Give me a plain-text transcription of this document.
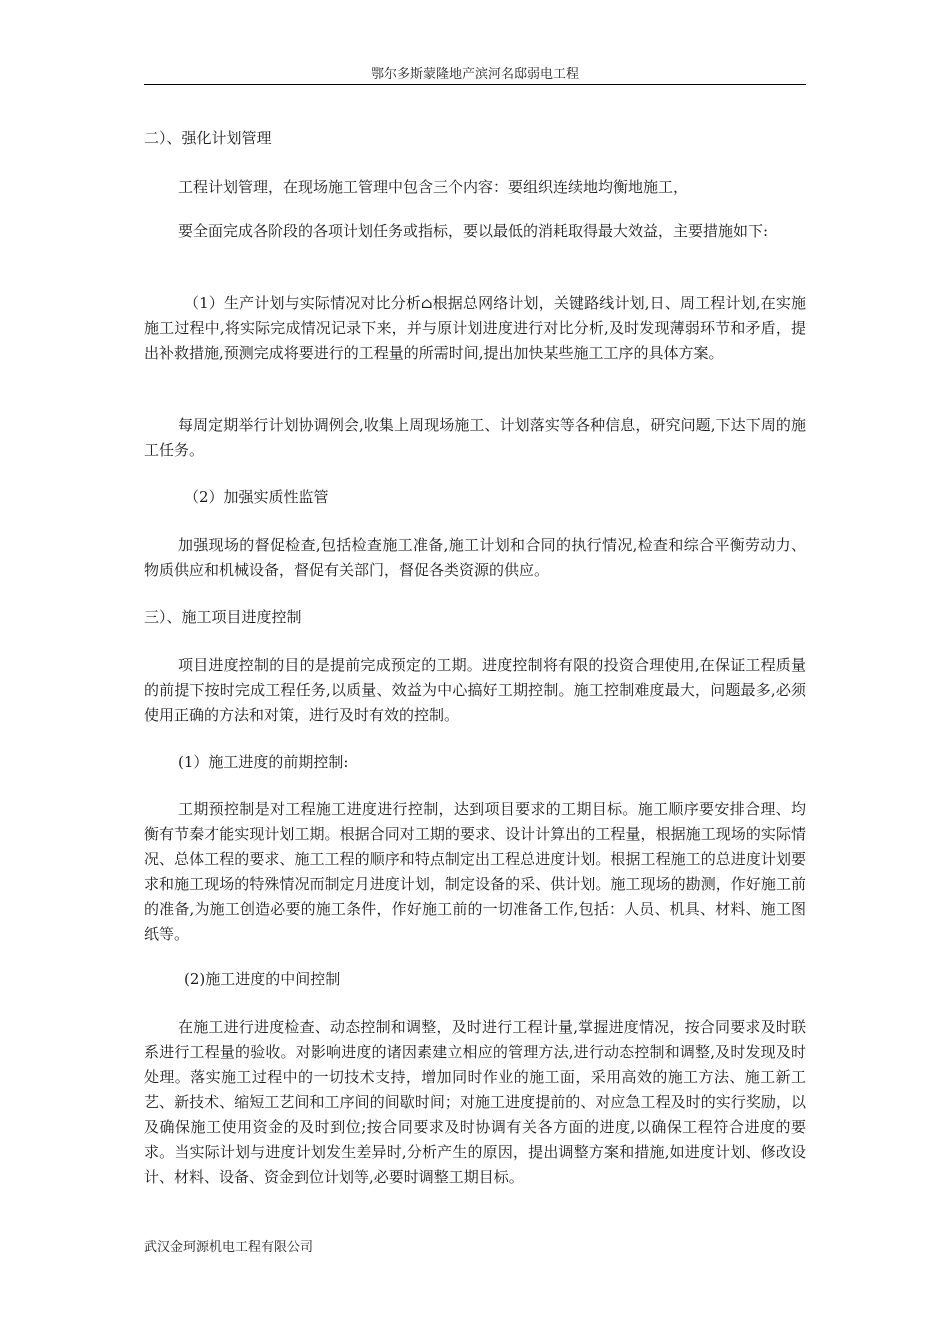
鄂尔多斯蒙隆地产滨河名邸弱电工程

二）、强化计划管理

工程计划管理，在现场施工管理中包含三个内容：要组织连续地均衡地施工，

要全面完成各阶段的各项计划任务或指标，要以最低的消耗取得最大效益，主要措施如下:

（1）生产计划与实际情况对比分析⌂根据总网络计划，关键路线计划,日、周工程计划,在实施施工过程中,将实际完成情况记录下来，并与原计划进度进行对比分析,及时发现薄弱环节和矛盾，提出补救措施,预测完成将要进行的工程量的所需时间,提出加快某些施工工序的具体方案。

每周定期举行计划协调例会,收集上周现场施工、计划落实等各种信息，研究问题,下达下周的施工任务。

（2）加强实质性监管

加强现场的督促检查,包括检查施工准备,施工计划和合同的执行情况,检查和综合平衡劳动力、物质供应和机械设备，督促有关部门，督促各类资源的供应。

三）、施工项目进度控制

项目进度控制的目的是提前完成预定的工期。进度控制将有限的投资合理使用,在保证工程质量的前提下按时完成工程任务,以质量、效益为中心搞好工期控制。施工控制难度最大，问题最多,必须使用正确的方法和对策，进行及时有效的控制。

(1）施工进度的前期控制:

工期预控制是对工程施工进度进行控制，达到项目要求的工期目标。施工顺序要安排合理、均衡有节秦才能实现计划工期。根据合同对工期的要求、设计计算出的工程量，根据施工现场的实际情况、总体工程的要求、施工工程的顺序和特点制定出工程总进度计划。根据工程施工的总进度计划要求和施工现场的特殊情况而制定月进度计划，制定设备的采、供计划。施工现场的勘测，作好施工前的准备,为施工创造必要的施工条件，作好施工前的一切准备工作,包括：人员、机具、材料、施工图纸等。

(2)施工进度的中间控制

在施工进行进度检查、动态控制和调整，及时进行工程计量,掌握进度情况，按合同要求及时联系进行工程量的验收。对影响进度的诸因素建立相应的管理方法,进行动态控制和调整,及时发现及时处理。落实施工过程中的一切技术支持，增加同时作业的施工面，采用高效的施工方法、施工新工艺、新技术、缩短工艺间和工序间的间歇时间；对施工进度提前的、对应急工程及时的实行奖励，以及确保施工使用资金的及时到位;按合同要求及时协调有关各方面的进度,以确保工程符合进度的要求。当实际计划与进度计划发生差异时,分析产生的原因，提出调整方案和措施,如进度计划、修改设计、材料、设备、资金到位计划等,必要时调整工期目标。

武汉金珂源机电工程有限公司
